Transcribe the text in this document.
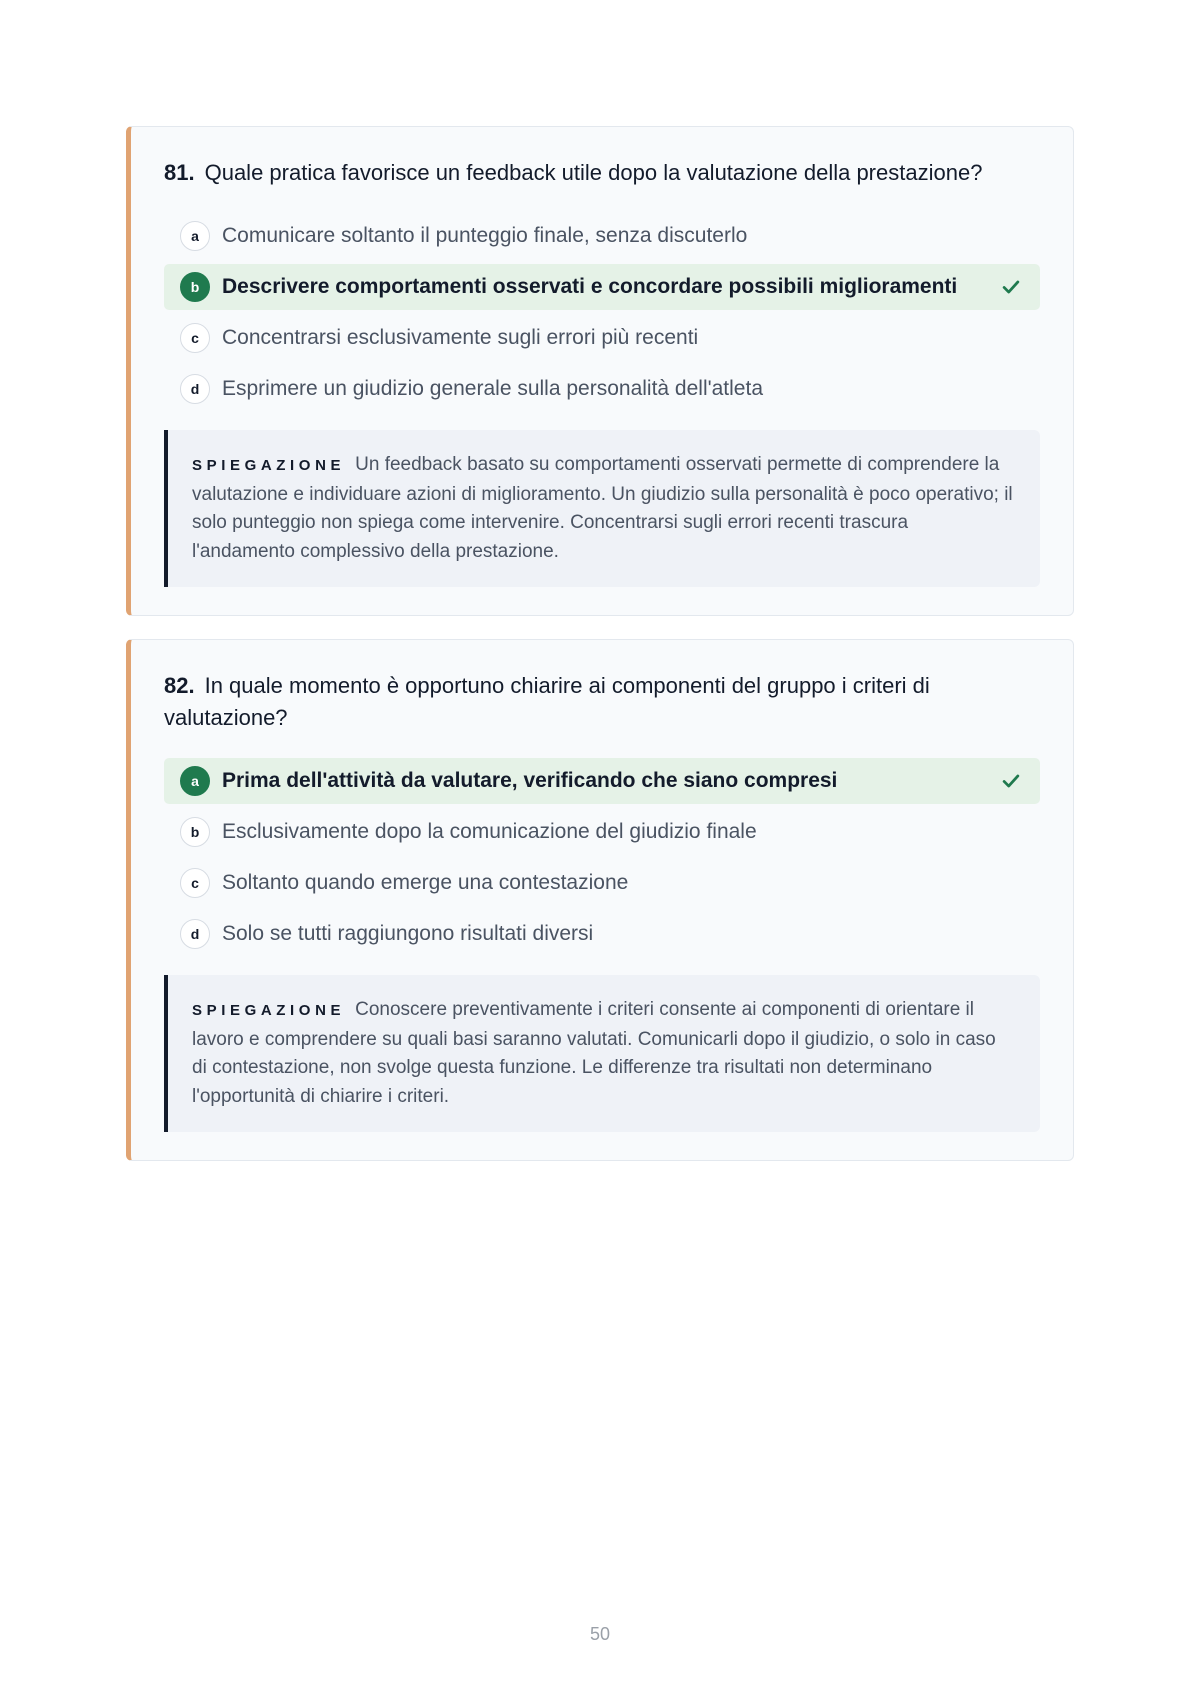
81. Quale pratica favorisce un feedback utile dopo la valutazione della prestazione?
a	Comunicare soltanto il punteggio finale, senza discuterlo
b	Descrivere comportamenti osservati e concordare possibili miglioramenti
c	Concentrarsi esclusivamente sugli errori più recenti
d	Esprimere un giudizio generale sulla personalità dell'atleta
SPIEGAZIONE Un feedback basato su comportamenti osservati permette di comprendere la valutazione e individuare azioni di miglioramento. Un giudizio sulla personalità è poco operativo; il solo punteggio non spiega come intervenire. Concentrarsi sugli errori recenti trascura l'andamento complessivo della prestazione.
82. In quale momento è opportuno chiarire ai componenti del gruppo i criteri di valutazione?
a	Prima dell'attività da valutare, verificando che siano compresi
b	Esclusivamente dopo la comunicazione del giudizio finale
c	Soltanto quando emerge una contestazione
d	Solo se tutti raggiungono risultati diversi
SPIEGAZIONE Conoscere preventivamente i criteri consente ai componenti di orientare il lavoro e comprendere su quali basi saranno valutati. Comunicarli dopo il giudizio, o solo in caso di contestazione, non svolge questa funzione. Le differenze tra risultati non determinano l'opportunità di chiarire i criteri.
50
